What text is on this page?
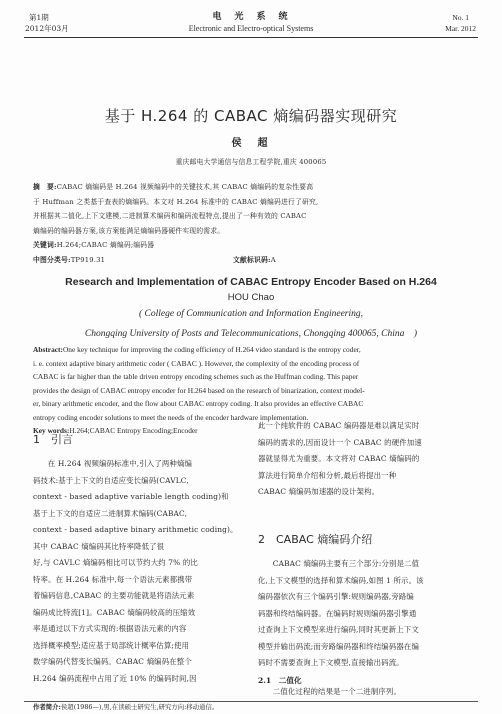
第1期
2012年03月
电　光　系　统
Electronic and Electro-optical Systems
No. 1
Mar. 2012
基于 H.264 的 CABAC 熵编码器实现研究
侯　超
重庆邮电大学通信与信息工程学院,重庆 400065
摘　要:CABAC 熵编码是 H.264 视频编码中的关键技术,其 CABAC 熵编码的复杂性要高
于 Huffman 之类基于查表的熵编码。本文对 H.264 标准中的 CABAC 熵编码进行了研究,
并根据其二值化,上下文建模,二进制算术编码和编码流程特点,提出了一种有效的 CABAC
熵编码的编码器方案,该方案能满足熵编码器硬件实现的需求。
关键词:H.264;CABAC 熵编码;编码器
中图分类号:TP919.31	文献标识码:A
Research and Implementation of CABAC Entropy Encoder Based on H.264
HOU Chao
( College of Communication and Information Engineering,
Chongqing University of Posts and Telecommunications, Chongqing 400065, China　)
Abstract:One key technique for improving the coding efficiency of H.264 video standard is the entropy coder,
i. e. context adaptive binary arithmetic coder ( CABAC ). However, the complexity of the encoding process of
CABAC is far higher than the table driven entropy encoding schemes such as the Huffman coding. This paper
provides the design of CABAC entropy encoder for H.264 based on the research of binarization, context model-
er, binary arithmetic encoder, and the flow about CABAC entropy coding. It also provides an effective CABAC
entropy coding encoder solutions to meet the needs of the encoder hardware implementation.
Key words:H.264;CABAC Entropy Encoding;Encoder
1　引言
在 H.264 视频编码标准中,引入了两种熵编
码技术:基于上下文的自适应变长编码(CAVLC,
context - based adaptive variable length coding)和
基于上下文的自适应二进制算术编码(CABAC,
context - based adaptive binary arithmetic coding)。
其中 CABAC 熵编码其比特率降低了很
好,与 CAVLC 熵编码相比可以节约大约 7% 的比
特率。在 H.264 标准中,每一个语法元素都携带
着编码信息,CABAC 的主要功能就是将语法元素
编码成比特流[1]。CABAC 熵编码较高的压缩效
率是通过以下方式实现的:根据语法元素的内容
选择概率模型;适应基于局部统计概率估算;使用
数学编码代替变长编码。CABAC 熵编码在整个
H.264 编码流程中占用了近 10% 的编码时间,因
此一个纯软件的 CABAC 编码器是难以满足实时
编码的需求的,因而设计一个 CABAC 的硬件加速
器就显得尤为重要。本文将对 CABAC 熵编码的
算法进行简单介绍和分析,最后将提出一种
CABAC 熵编码加速器的设计架构。
2　CABAC 熵编码介绍
CABAC 熵编码主要有三个部分:分别是二值
化,上下文模型的选择和算术编码,如图 1 所示。该
编码器依次有三个编码引擎:规则编码器,旁路编
码器和终结编码器。在编码时规则编码器引擎通
过查询上下文模型来进行编码,同时其更新上下文
模型并输出码流;而旁路编码器和终结编码器在编
码时不需要查询上下文模型,直接输出码流。
2.1　二值化
二值化过程的结果是一个二进制序列。
作者简介:侯超(1986—),男,在读硕士研究生,研究方向:移动通信。
